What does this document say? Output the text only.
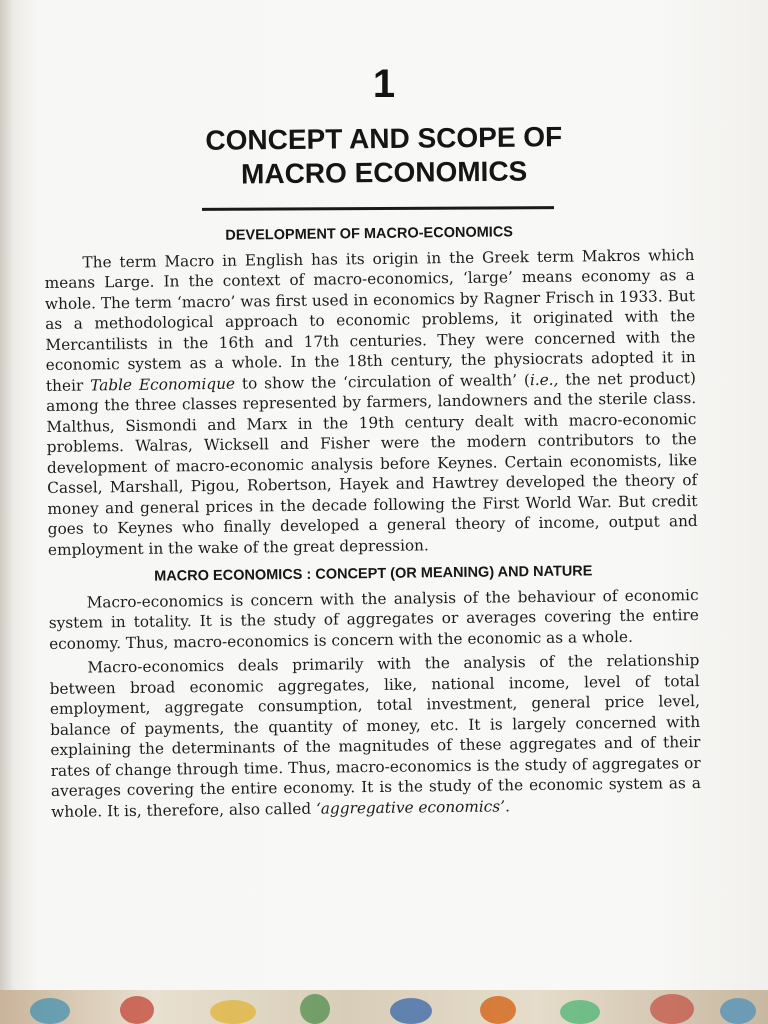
1
CONCEPT AND SCOPE OF
MACRO ECONOMICS
DEVELOPMENT OF MACRO-ECONOMICS

The term Macro in English has its origin in the Greek term Makros which means Large. In the context of macro-economics, ‘large’ means economy as a whole. The term ‘macro’ was first used in economics by Ragner Frisch in 1933. But as a methodological approach to economic problems, it originated with the Mercantilists in the 16th and 17th centuries. They were concerned with the economic system as a whole. In the 18th century, the physiocrats adopted it in their Table Economique to show the ‘circulation of wealth’ (i.e., the net product) among the three classes represented by farmers, landowners and the sterile class. Malthus, Sismondi and Marx in the 19th century dealt with macro-economic problems. Walras, Wicksell and Fisher were the modern contributors to the development of macro-economic analysis before Keynes. Certain economists, like Cassel, Marshall, Pigou, Robertson, Hayek and Hawtrey developed the theory of money and general prices in the decade following the First World War. But credit goes to Keynes who finally developed a general theory of income, output and employment in the wake of the great depression.

MACRO ECONOMICS : CONCEPT (OR MEANING) AND NATURE

Macro-economics is concern with the analysis of the behaviour of economic system in totality. It is the study of aggregates or averages covering the entire economy. Thus, macro-economics is concern with the economic as a whole.

Macro-economics deals primarily with the analysis of the relationship between broad economic aggregates, like, national income, level of total employment, aggregate consumption, total investment, general price level, balance of payments, the quantity of money, etc. It is largely concerned with explaining the determinants of the magnitudes of these aggregates and of their rates of change through time. Thus, macro-economics is the study of aggregates or averages covering the entire economy. It is the study of the economic system as a whole. It is, therefore, also called ‘aggregative economics’.
